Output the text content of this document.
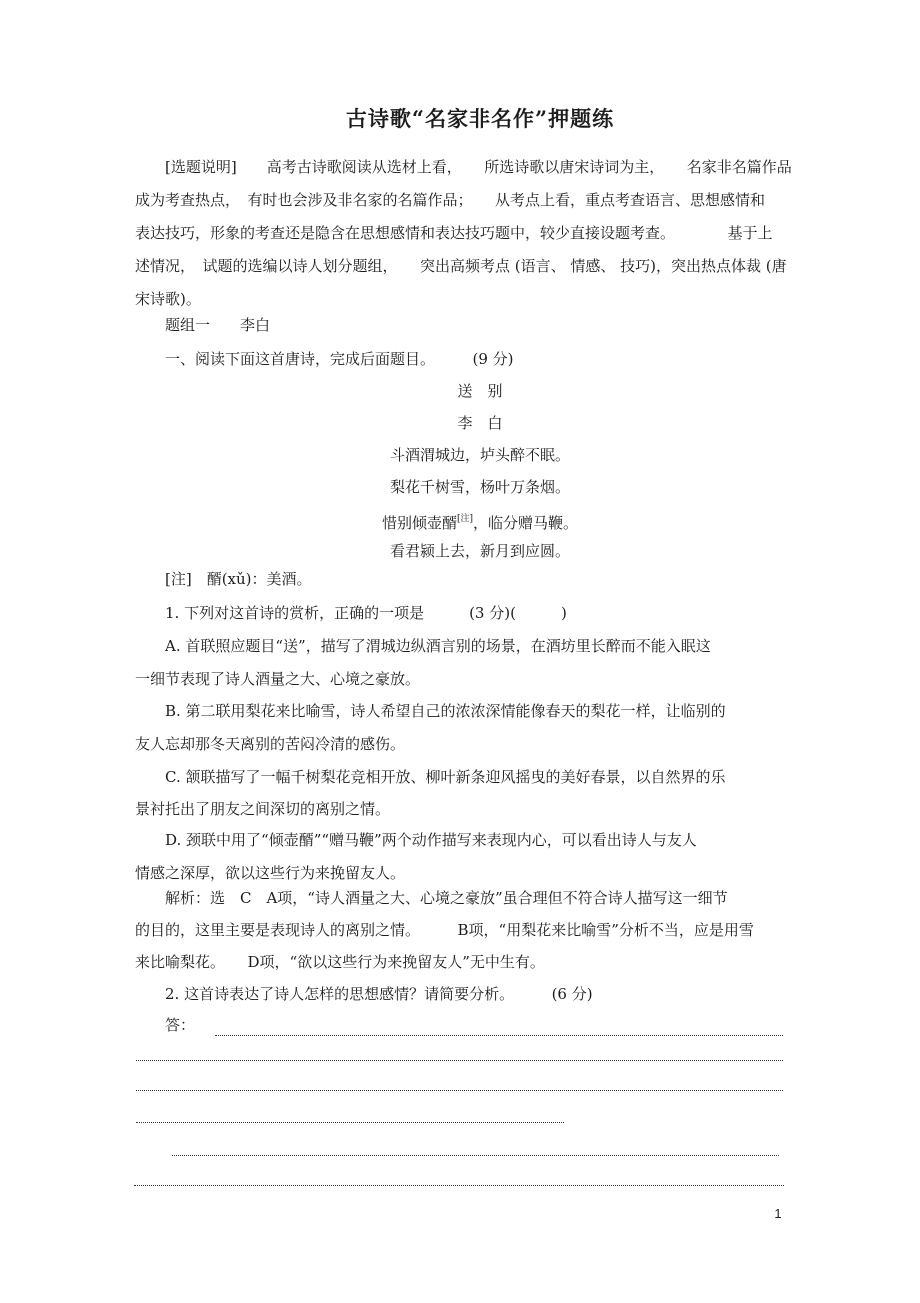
古诗歌“名家非名作”押题练
　　[选题说明]　　高考古诗歌阅读从选材上看，　　所选诗歌以唐宋诗词为主，　　名家非名篇作品
成为考查热点，　有时也会涉及非名家的名篇作品；　　从考点上看，重点考查语言、思想感情和
表达技巧，形象的考查还是隐含在思想感情和表达技巧题中，较少直接设题考查。　　　　基于上
述情况，　试题的选编以诗人划分题组，　　突出高频考点 (语言、 情感、 技巧)，突出热点体裁 (唐
宋诗歌)。
　　题组一　　李白
　　一、阅读下面这首唐诗，完成后面题目。　　　(9 分)
送　别
李　白
斗酒渭城边，垆头醉不眠。
梨花千树雪，杨叶万条烟。
惜别倾壶醑[注]，临分赠马鞭。
看君颍上去，新月到应圆。
　　[注]　醑(xǔ)：美酒。
　　1. 下列对这首诗的赏析，正确的一项是　　　(3 分)(　　　)
　　A. 首联照应题目“送”，描写了渭城边纵酒言别的场景，在酒坊里长醉而不能入眠这
一细节表现了诗人酒量之大、心境之豪放。
　　B. 第二联用梨花来比喻雪，诗人希望自己的浓浓深情能像春天的梨花一样，让临别的
友人忘却那冬天离别的苦闷冷清的感伤。
　　C. 颔联描写了一幅千树梨花竞相开放、柳叶新条迎风摇曳的美好春景，以自然界的乐
景衬托出了朋友之间深切的离别之情。
　　D. 颈联中用了“倾壶醑”“赠马鞭”两个动作描写来表现内心，可以看出诗人与友人
情感之深厚，欲以这些行为来挽留友人。
　　解析：选　C　A项，“诗人酒量之大、心境之豪放”虽合理但不符合诗人描写这一细节
的目的，这里主要是表现诗人的离别之情。　　　B项，“用梨花来比喻雪”分析不当，应是用雪
来比喻梨花。　　D项，“欲以这些行为来挽留友人”无中生有。
　　2. 这首诗表达了诗人怎样的思想感情？请简要分析。　　　(6 分)
　　答：
1
